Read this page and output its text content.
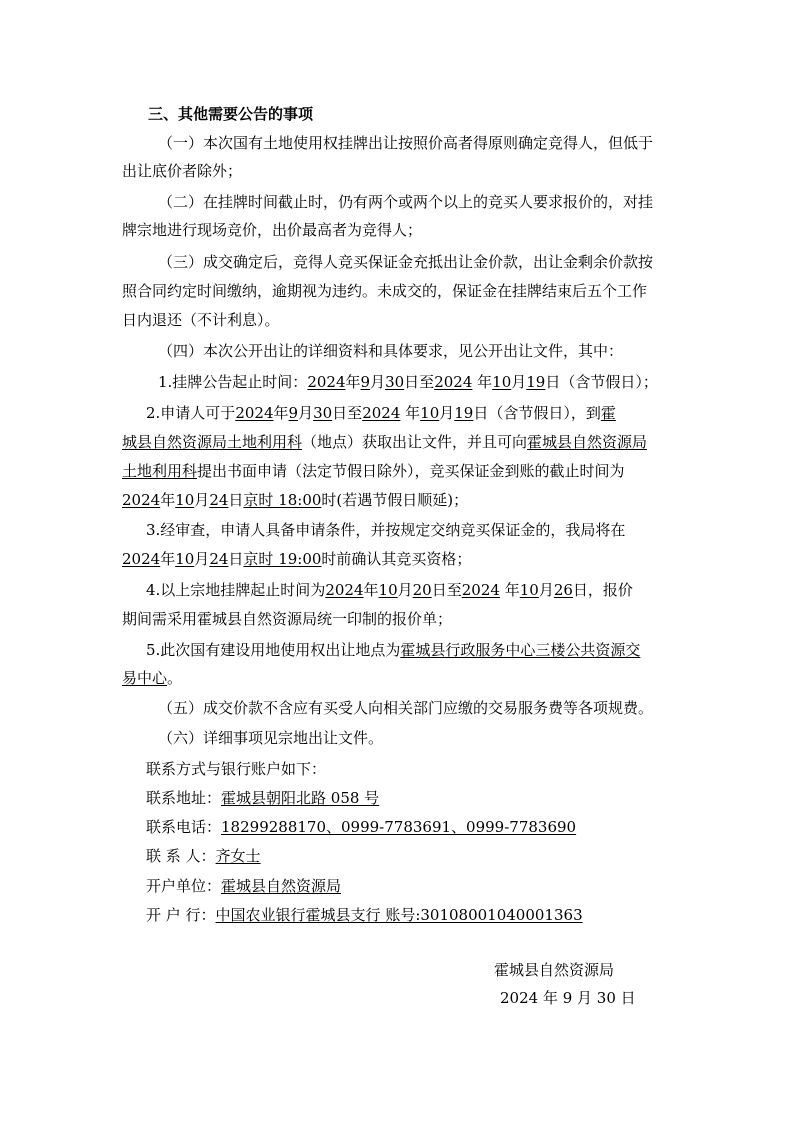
三、其他需要公告的事项
（一）本次国有土地使用权挂牌出让按照价高者得原则确定竞得人，但低于
出让底价者除外；
（二）在挂牌时间截止时，仍有两个或两个以上的竞买人要求报价的，对挂
牌宗地进行现场竞价，出价最高者为竞得人；
（三）成交确定后，竞得人竞买保证金充抵出让金价款，出让金剩余价款按
照合同约定时间缴纳，逾期视为违约。未成交的，保证金在挂牌结束后五个工作
日内退还（不计利息）。
（四）本次公开出让的详细资料和具体要求，见公开出让文件，其中：
1.挂牌公告起止时间：2024年9月30日至2024 年10月19日（含节假日）；
2.申请人可于2024年9月30日至2024 年10月19日（含节假日），到霍
城县自然资源局土地利用科（地点）获取出让文件，并且可向霍城县自然资源局
土地利用科提出书面申请（法定节假日除外），竞买保证金到账的截止时间为
2024年10月24日京时 18:00时(若遇节假日顺延)；
3.经审查，申请人具备申请条件，并按规定交纳竞买保证金的，我局将在
2024年10月24日京时 19:00时前确认其竞买资格；
4.以上宗地挂牌起止时间为2024年10月20日至2024 年10月26日，报价
期间需采用霍城县自然资源局统一印制的报价单；
5.此次国有建设用地使用权出让地点为霍城县行政服务中心三楼公共资源交
易中心。
（五）成交价款不含应有买受人向相关部门应缴的交易服务费等各项规费。
（六）详细事项见宗地出让文件。
联系方式与银行账户如下：
联系地址：霍城县朝阳北路 058 号
联系电话：18299288170、0999-7783691、0999-7783690
联 系 人：齐女士
开户单位：霍城县自然资源局
开 户 行：中国农业银行霍城县支行 账号:30108001040001363
霍城县自然资源局
2024 年 9 月 30 日
